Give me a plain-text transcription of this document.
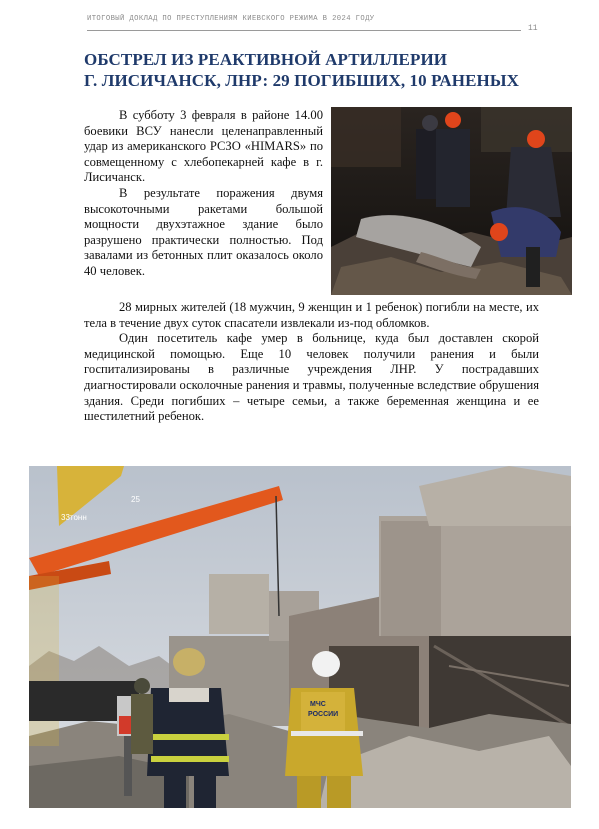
ИТОГОВЫЙ ДОКЛАД ПО ПРЕСТУПЛЕНИЯМ КИЕВСКОГО РЕЖИМА В 2024 ГОДУ
11
ОБСТРЕЛ ИЗ РЕАКТИВНОЙ АРТИЛЛЕРИИ
Г. ЛИСИЧАНСК, ЛНР: 29 ПОГИБШИХ, 10 РАНЕНЫХ

В субботу 3 февраля в районе 14.00 боевики ВСУ нанесли целенаправленный удар из американского РСЗО «HIMARS» по совмещенному с хлебопекарней кафе в г. Лисичанск.

В результате поражения двумя высокоточными ракетами большой мощности двухэтажное здание было разрушено практически полностью. Под завалами из бетонных плит оказалось около 40 человек.

28 мирных жителей (18 мужчин, 9 женщин и 1 ребенок) погибли на месте, их тела в течение двух суток спасатели извлекали из-под обломков.

Один посетитель кафе умер в больнице, куда был доставлен скорой медицинской помощью. Еще 10 человек получили ранения и были госпитализированы в различные учреждения ЛНР. У пострадавших диагностировали осколочные ранения и травмы, полученные вследствие обрушения здания. Среди погибших – четыре семьи, а также беременная женщина и ее шестилетний ребенок.

33тонн
25
МЧС
РОССИИ
